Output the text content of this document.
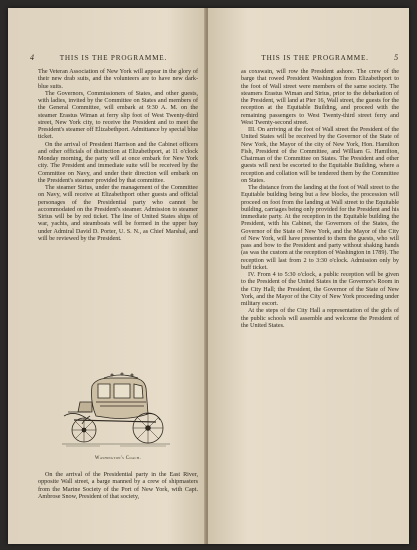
4	THIS IS THE PROGRAMME.

The Veteran Association of New York will appear in the glory of their new drab suits, and the volunteers are to have new dark-blue suits.

The Governors, Commissioners of States, and other guests, with ladies, invited by the Committee on States and members of the General Committee, will embark at 9:30 A. M. on the steamer Erastus Wiman at ferry slip foot of West Twenty-third street, New York city, to receive the President and to meet the President's steamer off Elizabethport. Admittance by special blue ticket.

On the arrival of President Harrison and the Cabinet officers and other officials of distinction at Elizabethport, at 11 o'clock Monday morning, the party will at once embark for New York city. The President and immediate suite will be received by the Committee on Navy, and under their direction will embark on the President's steamer provided by that committee.

The steamer Sirius, under the management of the Committee on Navy, will receive at Elizabethport other guests and official personages of the Presidential party who cannot be accommodated on the President's steamer. Admission to steamer Sirius will be by red ticket. The line of United States ships of war, yachts, and steamboats will be formed in the upper bay under Admiral David D. Porter, U. S. N., as Chief Marshal, and will be reviewed by the President.

Washington's Coach.

On the arrival of the Presidential party in the East River, opposite Wall street, a barge manned by a crew of shipmasters from the Marine Society of the Port of New York, with Capt. Ambrose Snow, President of that society,

THIS IS THE PROGRAMME.	5

as coxswain, will row the President ashore. The crew of the barge that rowed President Washington from Elizabethport to the foot of Wall street were members of the same society. The steamers Erastus Wiman and Sirius, prior to the debarkation of the President, will land at Pier 16, Wall street, the guests for the reception at the Equitable Building, and proceed with the remaining passengers to West Twenty-third street ferry and West Twenty-second street.

III. On arriving at the foot of Wall street the President of the United States will be received by the Governor of the State of New York, the Mayor of the city of New York, Hon. Hamilton Fish, President of the Committee, and William G. Hamilton, Chairman of the Committee on States. The President and other guests will next be escorted to the Equitable Building, where a reception and collation will be tendered them by the Committee on States.

The distance from the landing at the foot of Wall street to the Equitable building being but a few blocks, the procession will proceed on foot from the landing at Wall street to the Equitable building, carriages being only provided for the President and his immediate party. At the reception in the Equitable building the President, with his Cabinet, the Governors of the States, the Governor of the State of New York, and the Mayor of the City of New York, will have presented to them the guests, who will pass and bow to the President and party without shaking hands (as was the custom at the reception of Washington in 1789). The reception will last from 2 to 3:30 o'clock. Admission only by buff ticket.

IV. From 4 to 5:30 o'clock, a public reception will be given to the President of the United States in the Governor's Room in the City Hall; the President, the Governor of the State of New York, and the Mayor of the City of New York proceeding under military escort.

At the steps of the City Hall a representation of the girls of the public schools will assemble and welcome the President of the United States.
